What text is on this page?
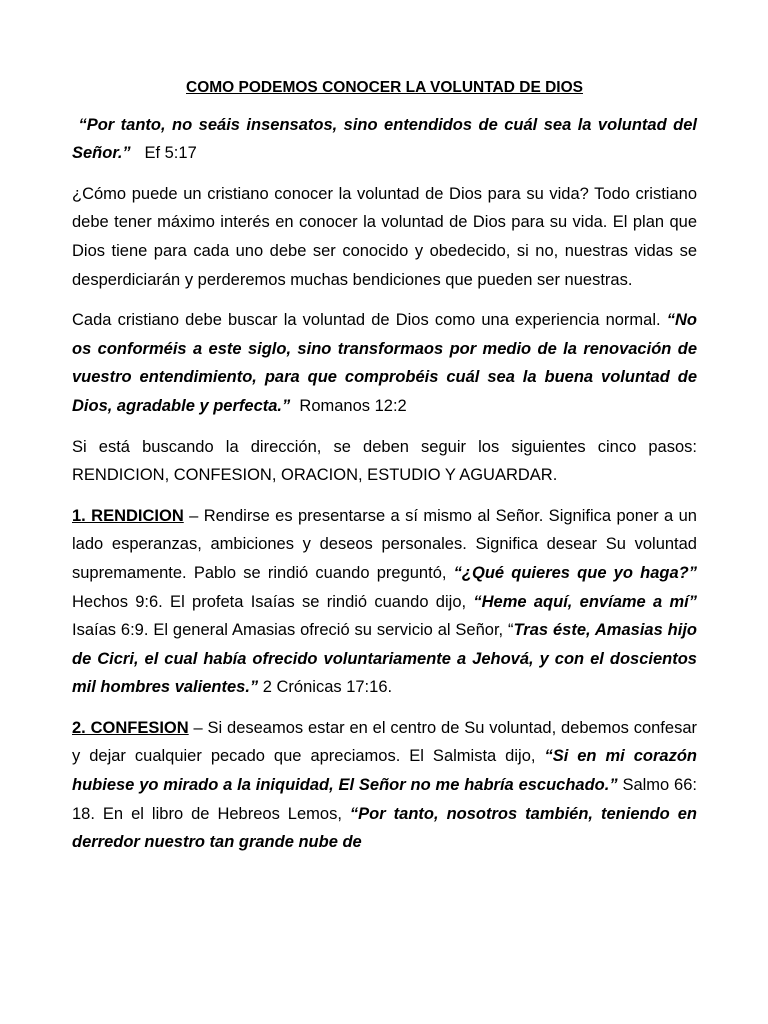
COMO PODEMOS CONOCER LA VOLUNTAD DE DIOS

“Por tanto, no seáis insensatos, sino entendidos de cuál sea la voluntad del Señor.” Ef 5:17

¿Cómo puede un cristiano conocer la voluntad de Dios para su vida? Todo cristiano debe tener máximo interés en conocer la voluntad de Dios para su vida. El plan que Dios tiene para cada uno debe ser conocido y obedecido, si no, nuestras vidas se desperdiciarán y perderemos muchas bendiciones que pueden ser nuestras.

Cada cristiano debe buscar la voluntad de Dios como una experiencia normal. “No os conforméis a este siglo, sino transformaos por medio de la renovación de vuestro entendimiento, para que comprobéis cuál sea la buena voluntad de Dios, agradable y perfecta.” Romanos 12:2

Si está buscando la dirección, se deben seguir los siguientes cinco pasos: RENDICION, CONFESION, ORACION, ESTUDIO Y AGUARDAR.

1. RENDICION – Rendirse es presentarse a sí mismo al Señor. Significa poner a un lado esperanzas, ambiciones y deseos personales. Significa desear Su voluntad supremamente. Pablo se rindió cuando preguntó, “¿Qué quieres que yo haga?” Hechos 9:6. El profeta Isaías se rindió cuando dijo, “Heme aquí, envíame a mí” Isaías 6:9. El general Amasias ofreció su servicio al Señor, “Tras éste, Amasias hijo de Cicri, el cual había ofrecido voluntariamente a Jehová, y con el doscientos mil hombres valientes.” 2 Crónicas 17:16.

2. CONFESION – Si deseamos estar en el centro de Su voluntad, debemos confesar y dejar cualquier pecado que apreciamos. El Salmista dijo, “Si en mi corazón hubiese yo mirado a la iniquidad, El Señor no me habría escuchado.” Salmo 66: 18. En el libro de Hebreos Lemos, “Por tanto, nosotros también, teniendo en derredor nuestro tan grande nube de
